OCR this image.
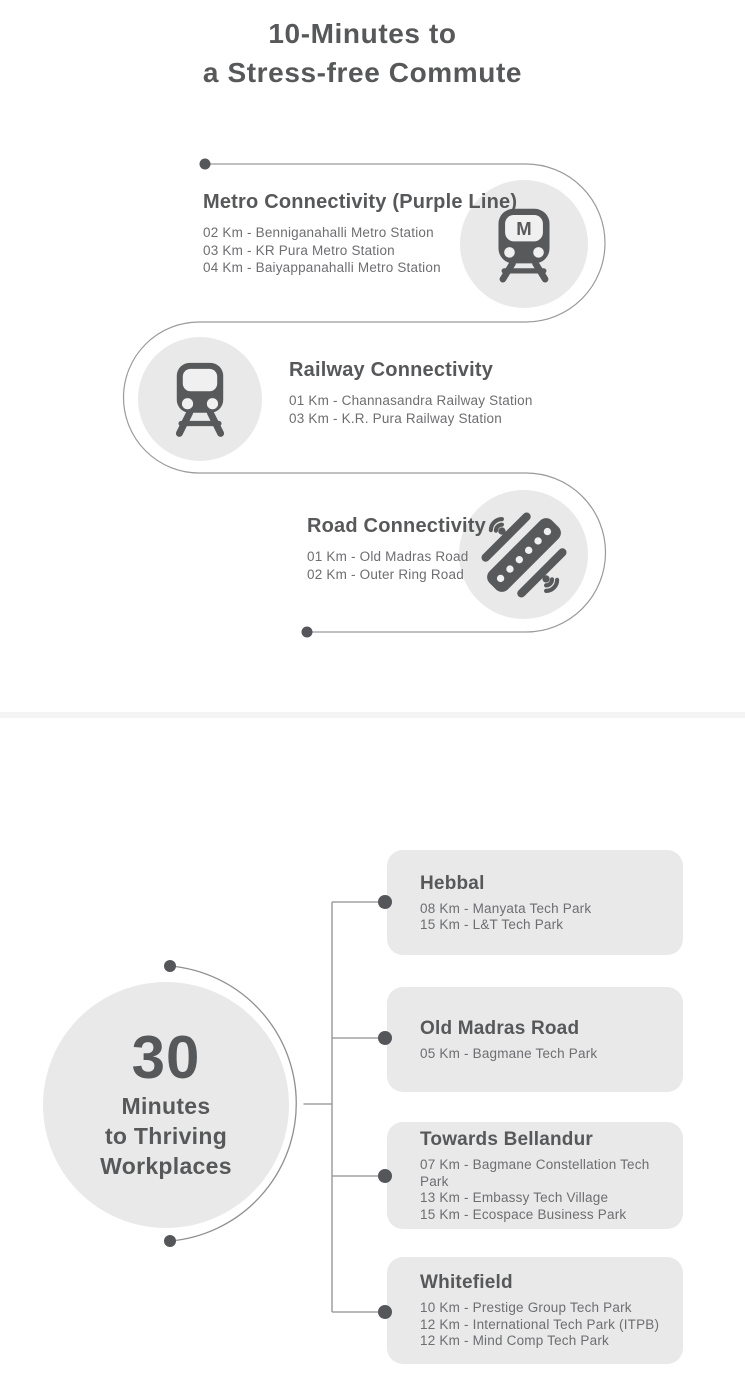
10-Minutes to
a Stress-free Commute
M
Metro Connectivity (Purple Line)
02 Km - Benniganahalli Metro Station
03 Km - KR Pura Metro Station
04 Km - Baiyappanahalli Metro Station
Railway Connectivity
01 Km - Channasandra Railway Station
03 Km - K.R. Pura Railway Station
Road Connectivity
01 Km - Old Madras Road
02 Km - Outer Ring Road
30
Minutes
to Thriving
Workplaces
Hebbal
08 Km - Manyata Tech Park
15 Km - L&T Tech Park
Old Madras Road
05 Km - Bagmane Tech Park
Towards Bellandur
07 Km - Bagmane Constellation Tech Park
13 Km - Embassy Tech Village
15 Km - Ecospace Business Park
Whitefield
10 Km - Prestige Group Tech Park
12 Km - International Tech Park (ITPB)
12 Km - Mind Comp Tech Park
